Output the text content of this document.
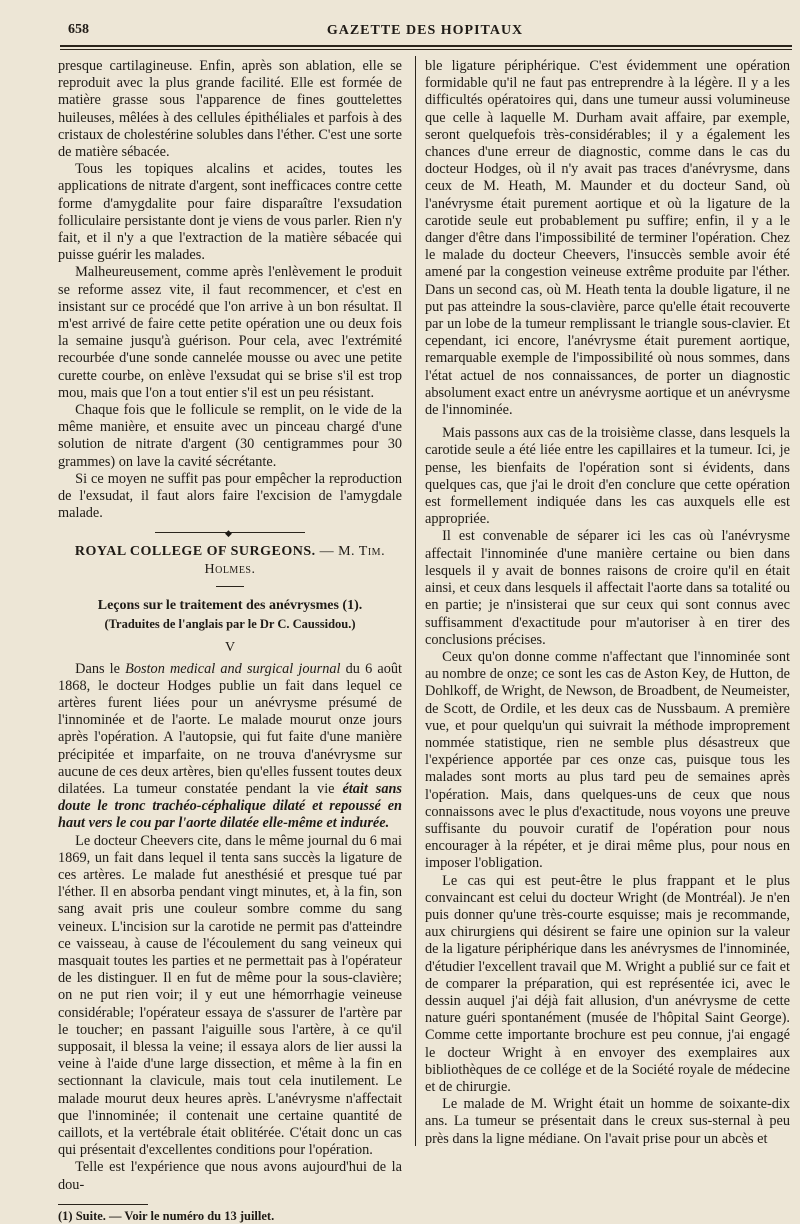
658	GAZETTE DES HOPITAUX

presque cartilagineuse. Enfin, après son ablation, elle se reproduit avec la plus grande facilité. Elle est formée de matière grasse sous l'apparence de fines gouttelettes huileuses, mêlées à des cellules épithéliales et parfois à des cristaux de cholestérine solubles dans l'éther. C'est une sorte de matière sébacée.

Tous les topiques alcalins et acides, toutes les applications de nitrate d'argent, sont inefficaces contre cette forme d'amygdalite pour faire disparaître l'exsudation folliculaire persistante dont je viens de vous parler. Rien n'y fait, et il n'y a que l'extraction de la matière sébacée qui puisse guérir les malades.

Malheureusement, comme après l'enlèvement le produit se reforme assez vite, il faut recommencer, et c'est en insistant sur ce procédé que l'on arrive à un bon résultat. Il m'est arrivé de faire cette petite opération une ou deux fois la semaine jusqu'à guérison. Pour cela, avec l'extrémité recourbée d'une sonde cannelée mousse ou avec une petite curette courbe, on enlève l'exsudat qui se brise s'il est trop mou, mais que l'on a tout entier s'il est un peu résistant.

Chaque fois que le follicule se remplit, on le vide de la même manière, et ensuite avec un pinceau chargé d'une solution de nitrate d'argent (30 centigrammes pour 30 grammes) on lave la cavité sécrétante.

Si ce moyen ne suffit pas pour empêcher la reproduction de l'exsudat, il faut alors faire l'excision de l'amygdale malade.

◆
ROYAL COLLEGE OF SURGEONS. — M. Tim. Holmes.
Leçons sur le traitement des anévrysmes (1).
(Traduites de l'anglais par le Dr C. Caussidou.)
V

Dans le Boston medical and surgical journal du 6 août 1868, le docteur Hodges publie un fait dans lequel ce artères furent liées pour un anévrysme présumé de l'innominée et de l'aorte. Le malade mourut onze jours après l'opération. A l'autopsie, qui fut faite d'une manière précipitée et imparfaite, on ne trouva d'anévrysme sur aucune de ces deux artères, bien qu'elles fussent toutes deux dilatées. La tumeur constatée pendant la vie était sans doute le tronc trachéo-céphalique dilaté et repoussé en haut vers le cou par l'aorte dilatée elle-même et indurée.

Le docteur Cheevers cite, dans le même journal du 6 mai 1869, un fait dans lequel il tenta sans succès la ligature de ces artères. Le malade fut anesthésié et presque tué par l'éther. Il en absorba pendant vingt minutes, et, à la fin, son sang avait pris une couleur sombre comme du sang veineux. L'incision sur la carotide ne permit pas d'atteindre ce vaisseau, à cause de l'écoulement du sang veineux qui masquait toutes les parties et ne permettait pas à l'opérateur de les distinguer. Il en fut de même pour la sous-clavière; on ne put rien voir; il y eut une hémorrhagie veineuse considérable; l'opérateur essaya de s'assurer de l'artère par le toucher; en passant l'aiguille sous l'artère, à ce qu'il supposait, il blessa la veine; il essaya alors de lier aussi la veine à l'aide d'une large dissection, et même à la fin en sectionnant la clavicule, mais tout cela inutilement. Le malade mourut deux heures après. L'anévrysme n'affectait que l'innominée; il contenait une certaine quantité de caillots, et la vertébrale était oblitérée. C'était donc un cas qui présentait d'excellentes conditions pour l'opération.

Telle est l'expérience que nous avons aujourd'hui de la dou-

(1) Suite. — Voir le numéro du 13 juillet.

ble ligature périphérique. C'est évidemment une opération formidable qu'il ne faut pas entreprendre à la légère. Il y a les difficultés opératoires qui, dans une tumeur aussi volumineuse que celle à laquelle M. Durham avait affaire, par exemple, seront quelquefois très-considérables; il y a également les chances d'une erreur de diagnostic, comme dans le cas du docteur Hodges, où il n'y avait pas traces d'anévrysme, dans ceux de M. Heath, M. Maunder et du docteur Sand, où l'anévrysme était purement aortique et où la ligature de la carotide seule eut probablement pu suffire; enfin, il y a le danger d'être dans l'impossibilité de terminer l'opération. Chez le malade du docteur Cheevers, l'insuccès semble avoir été amené par la congestion veineuse extrême produite par l'éther. Dans un second cas, où M. Heath tenta la double ligature, il ne put pas atteindre la sous-clavière, parce qu'elle était recouverte par un lobe de la tumeur remplissant le triangle sous-clavier. Et cependant, ici encore, l'anévrysme était purement aortique, remarquable exemple de l'impossibilité où nous sommes, dans l'état actuel de nos connaissances, de porter un diagnostic absolument exact entre un anévrysme aortique et un anévrysme de l'innominée.

Mais passons aux cas de la troisième classe, dans lesquels la carotide seule a été liée entre les capillaires et la tumeur. Ici, je pense, les bienfaits de l'opération sont si évidents, dans quelques cas, que j'ai le droit d'en conclure que cette opération est formellement indiquée dans les cas auxquels elle est appropriée.

Il est convenable de séparer ici les cas où l'anévrysme affectait l'innominée d'une manière certaine ou bien dans lesquels il y avait de bonnes raisons de croire qu'il en était ainsi, et ceux dans lesquels il affectait l'aorte dans sa totalité ou en partie; je n'insisterai que sur ceux qui sont connus avec suffisamment d'exactitude pour m'autoriser à en tirer des conclusions précises.

Ceux qu'on donne comme n'affectant que l'innominée sont au nombre de onze; ce sont les cas de Aston Key, de Hutton, de Dohlkoff, de Wright, de Newson, de Broadbent, de Neumeister, de Scott, de Ordile, et les deux cas de Nussbaum. A première vue, et pour quelqu'un qui suivrait la méthode improprement nommée statistique, rien ne semble plus désastreux que l'expérience apportée par ces onze cas, puisque tous les malades sont morts au plus tard peu de semaines après l'opération. Mais, dans quelques-uns de ceux que nous connaissons avec le plus d'exactitude, nous voyons une preuve suffisante du pouvoir curatif de l'opération pour nous encourager à la répéter, et je dirai même plus, pour nous en imposer l'obligation.

Le cas qui est peut-être le plus frappant et le plus convaincant est celui du docteur Wright (de Montréal). Je n'en puis donner qu'une très-courte esquisse; mais je recommande, aux chirurgiens qui désirent se faire une opinion sur la valeur de la ligature périphérique dans les anévrysmes de l'innominée, d'étudier l'excellent travail que M. Wright a publié sur ce fait et de comparer la préparation, qui est représentée ici, avec le dessin auquel j'ai déjà fait allusion, d'un anévrysme de cette nature guéri spontanément (musée de l'hôpital Saint George). Comme cette importante brochure est peu connue, j'ai engagé le docteur Wright à en envoyer des exemplaires aux bibliothèques de ce collége et de la Société royale de médecine et de chirurgie.

Le malade de M. Wright était un homme de soixante-dix ans. La tumeur se présentait dans le creux sus-sternal à peu près dans la ligne médiane. On l'avait prise pour un abcès et
